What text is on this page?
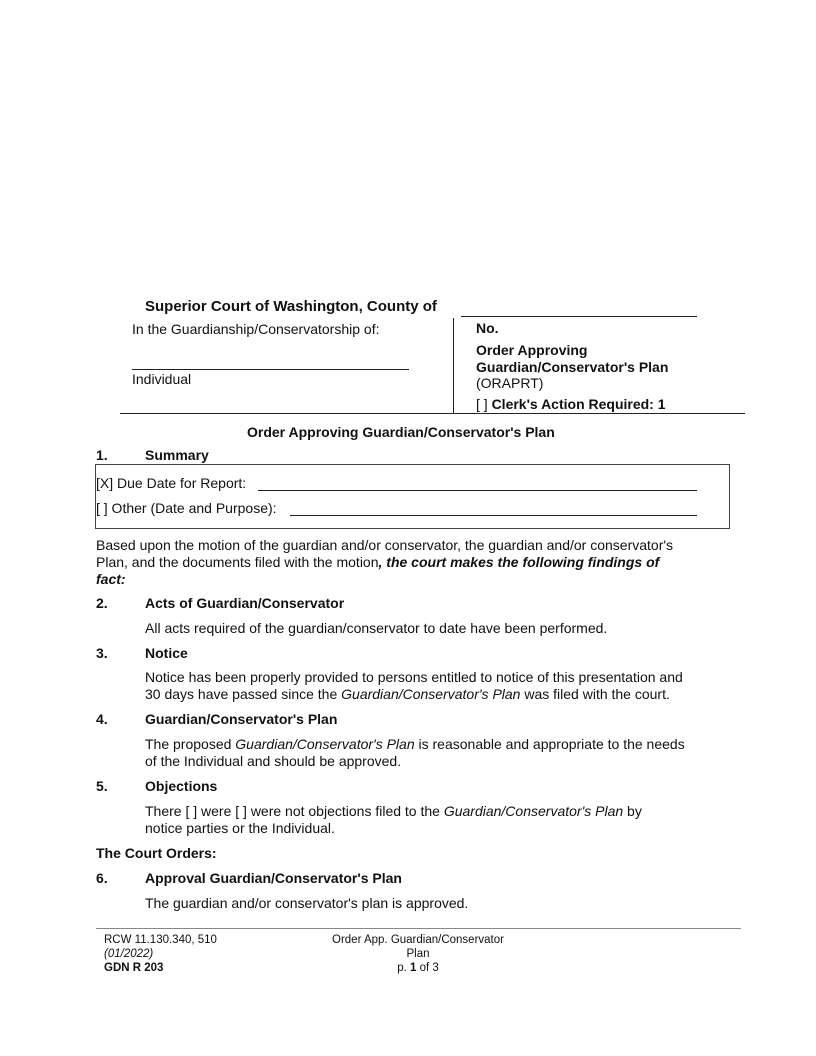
Superior Court of Washington, County of
In the Guardianship/Conservatorship of:
Individual
No.
Order Approving
Guardian/Conservator's Plan
(ORAPRT)
[ ] Clerk's Action Required: 1
Order Approving Guardian/Conservator's Plan
1.	Summary
[X] Due Date for Report:
[ ] Other (Date and Purpose):
Based upon the motion of the guardian and/or conservator, the guardian and/or conservator's
Plan, and the documents filed with the motion, the court makes the following findings of
fact:
2.	Acts of Guardian/Conservator
All acts required of the guardian/conservator to date have been performed.
3.	Notice
Notice has been properly provided to persons entitled to notice of this presentation and
30 days have passed since the Guardian/Conservator's Plan was filed with the court.
4.	Guardian/Conservator's Plan
The proposed Guardian/Conservator's Plan is reasonable and appropriate to the needs
of the Individual and should be approved.
5.	Objections
There [ ] were [ ] were not objections filed to the Guardian/Conservator's Plan by
notice parties or the Individual.
The Court Orders:
6.	Approval Guardian/Conservator's Plan
The guardian and/or conservator's plan is approved.
RCW 11.130.340, 510
(01/2022)
GDN R 203
Order App. Guardian/Conservator
Plan
p. 1 of 3
